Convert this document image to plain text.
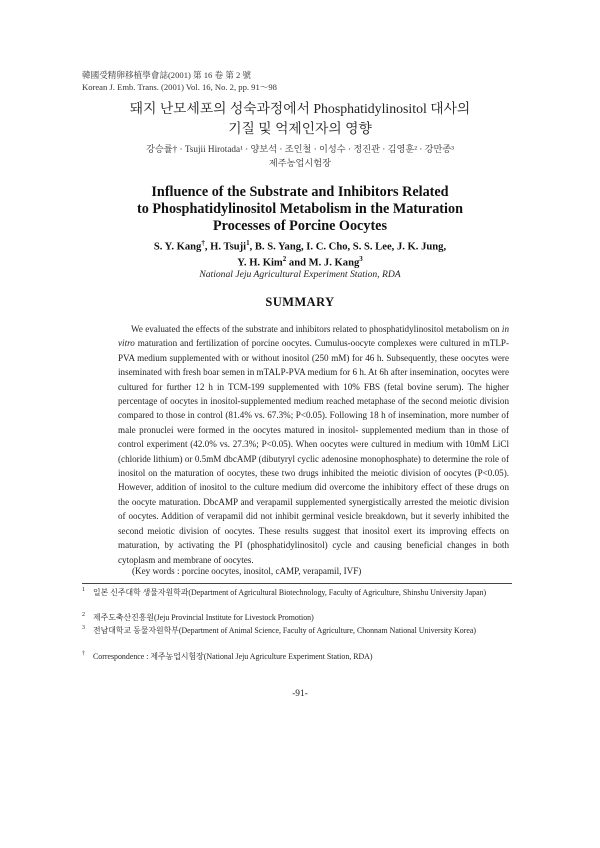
韓國受精卵移植學會誌(2001) 第 16 卷 第 2 號
Korean J. Emb. Trans. (2001) Vol. 16, No. 2, pp. 91～98
돼지 난모세포의 성숙과정에서 Phosphatidylinositol 대사의
기질 및 억제인자의 영향
강승률† · Tsujii Hirotada¹ · 양보석 · 조인철 · 이성수 · 정진관 · 김영훈² · 강만종³
제주농업시험장
Influence of the Substrate and Inhibitors Related
to Phosphatidylinositol Metabolism in the Maturation
Processes of Porcine Oocytes
S. Y. Kang†, H. Tsuji$^1$, B. S. Yang, I. C. Cho, S. S. Lee, J. K. Jung,
Y. H. Kim$^2$ and M. J. Kang$^3$
National Jeju Agricultural Experiment Station, RDA
SUMMARY

We evaluated the effects of the substrate and inhibitors related to phosphatidylinositol metabolism on in vitro maturation and fertilization of porcine oocytes. Cumulus-oocyte complexes were cultured in mTLP-PVA medium supplemented with or without inositol (250 mM) for 46 h. Subsequently, these oocytes were inseminated with fresh boar semen in mTALP-PVA medium for 6 h. At 6h after insemination, oocytes were cultured for further 12 h in TCM-199 supplemented with 10% FBS (fetal bovine serum). The higher percentage of oocytes in inositol-supplemented medium reached metaphase of the second meiotic division compared to those in control (81.4% vs. 67.3%; P<0.05). Following 18 h of insemination, more number of male pronuclei were formed in the oocytes matured in inositol- supplemented medium than in those of control experiment (42.0% vs. 27.3%; P<0.05). When oocytes were cultured in medium with 10mM LiCl (chloride lithium) or 0.5mM dbcAMP (dibutyryl cyclic adenosine monophosphate) to determine the role of inositol on the maturation of oocytes, these two drugs inhibited the meiotic division of oocytes (P<0.05). However, addition of inositol to the culture medium did overcome the inhibitory effect of these drugs on the oocyte maturation. DbcAMP and verapamil supplemented synergistically arrested the meiotic division of oocytes. Addition of verapamil did not inhibit germinal vesicle breakdown, but it severly inhibited the second meiotic division of oocytes. These results suggest that inositol exert its improving effects on maturation, by activating the PI (phosphatidylinositol) cycle and causing beneficial changes in both cytoplasm and membrane of oocytes.

(Key words : porcine oocytes, inositol, cAMP, verapamil, IVF)
1	일본 신주대학 생물자원학과(Department of Agricultural Biotechnology, Faculty of Agriculture, Shinshu University Japan)
2	제주도축산진흥원(Jeju Provincial Institute for Livestock Promotion)
3	전남대학교 동물자원학부(Department of Animal Science, Faculty of Agriculture, Chonnam National University Korea)
†	Correspondence : 제주농업시험장(National Jeju Agriculture Experiment Station, RDA)
-91-
